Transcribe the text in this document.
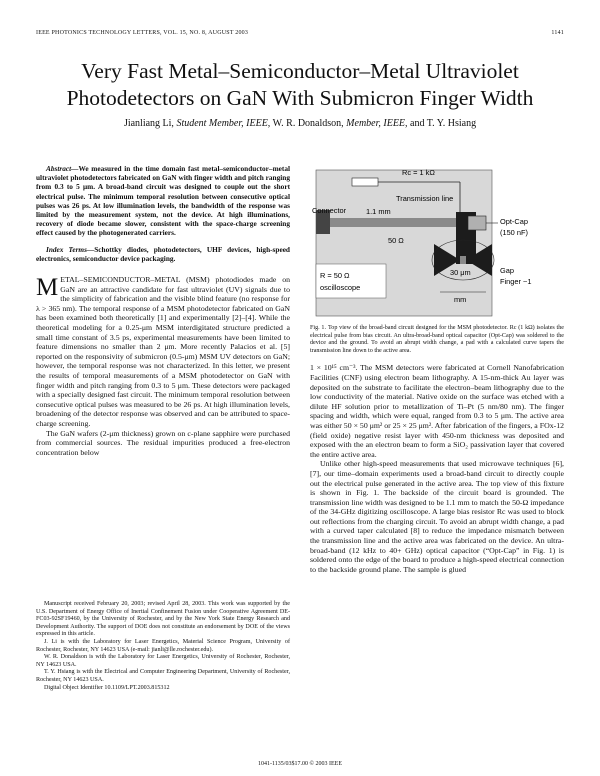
IEEE PHOTONICS TECHNOLOGY LETTERS, VOL. 15, NO. 8, AUGUST 2003	1141
Very Fast Metal–Semiconductor–Metal Ultraviolet
Photodetectors on GaN With Submicron Finger Width
Jianliang Li, Student Member, IEEE, W. R. Donaldson, Member, IEEE, and T. Y. Hsiang

Abstract—We measured in the time domain fast metal–semiconductor–metal ultraviolet photodetectors fabricated on GaN with finger width and pitch ranging from 0.3 to 5 μm. A broad-band circuit was designed to couple out the short electrical pulse. The minimum temporal resolution between consecutive optical pulses was 26 ps. At low illumination levels, the bandwidth of the response was limited by the measurement system, not the device. At high illuminations, recovery of diode became slower, consistent with the space-charge screening effect caused by the photogenerated carriers.

Index Terms—Schottky diodes, photodetectors, UHF devices, high-speed electronics, semiconductor device packaging.

METAL–SEMICONDUCTOR–METAL (MSM) photodiodes made on GaN are an attractive candidate for fast ultraviolet (UV) signals due to the simplicity of fabrication and the visible blind feature (no response for λ > 365 nm). The temporal response of a MSM photodetector fabricated on GaN has been examined both theoretically [1] and experimentally [2]–[4]. While the theoretical modeling for a 0.25-μm MSM interdigitated structure predicted a small time constant of 3.5 ps, experimental measurements have been limited to feature dimensions no smaller than 2 μm. More recently Palacios et al. [5] reported on the responsivity of submicron (0.5-μm) MSM UV detectors on GaN; however, the temporal response was not characterized. In this letter, we present the results of temporal measurements of a MSM photodetector on GaN with finger width and pitch ranging from 0.3 to 5 μm. These detectors were packaged with a specially designed fast circuit. The minimum temporal resolution between consecutive optical pulses was measured to be 26 ps. At high illumination levels, broadening of the detector response was observed and can be attributed to space-charge screening.

The GaN wafers (2-μm thickness) grown on c-plane sapphire were purchased from commercial sources. The residual impurities produced a free-electron concentration below

Manuscript received February 20, 2003; revised April 28, 2003. This work was supported by the U.S. Department of Energy Office of Inertial Confinement Fusion under Cooperative Agreement DE-FC03-92SF19460, by the University of Rochester, and by the New York State Energy Research and Development Authority. The support of DOE does not constitute an endorsement by DOE of the views expressed in this article.

J. Li is with the Laboratory for Laser Energetics, Material Science Program, University of Rochester, Rochester, NY 14623 USA (e-mail: jianli@lle.rochester.edu).

W. R. Donaldson is with the Laboratory for Laser Energetics, University of Rochester, Rochester, NY 14623 USA.

T. Y. Hsiang is with the Electrical and Computer Engineering Department, University of Rochester, Rochester, NY 14623 USA.

Digital Object Identifier 10.1109/LPT.2003.815312

Rc = 1 kΩ
Transmission line
Connector	1.1 mm
Opt-Cap
(150 nF)
50 Ω
R = 50 Ω
oscilloscope
Gap
Finger ~1
30 μm
mm

Fig. 1. Top view of the broad-band circuit designed for the MSM photodetector. Rc (1 kΩ) isolates the electrical pulse from bias circuit. An ultra-broad-band optical capacitor (Opt-Cap) was soldered to the device and the ground. To avoid an abrupt width change, a pad with a calculated curve tapers the transmission line down to the active area.

1 × 10¹⁵ cm⁻³. The MSM detectors were fabricated at Cornell Nanofabrication Facilities (CNF) using electron beam lithography. A 15-nm-thick Au layer was deposited on the substrate to facilitate the electron–beam lithography due to the low conductivity of the material. Native oxide on the surface was etched with a dilute HF solution prior to metallization of Ti–Pt (5 nm/80 nm). The finger spacing and width, which were equal, ranged from 0.3 to 5 μm. The active area was either 50 × 50 μm² or 25 × 25 μm². After fabrication of the fingers, a FOx-12 (field oxide) negative resist layer with 450-nm thickness was deposited and exposed with the an electron beam to form a SiO₂ passivation layer that covered the entire active area.

Unlike other high-speed measurements that used microwave techniques [6], [7], our time–domain experiments used a broad-band circuit to directly couple out the electrical pulse generated in the active area. The top view of this fixture is shown in Fig. 1. The backside of the circuit board is grounded. The transmission line width was designed to be 1.1 mm to match the 50-Ω impedance of the 34-GHz digitizing oscilloscope. A large bias resistor Rc was used to block out reflections from the charging circuit. To avoid an abrupt width change, a pad with a curved taper calculated [8] to reduce the impedance mismatch between the transmission line and the active area was fabricated on the device. An ultra-broad-band (12 kHz to 40+ GHz) optical capacitor (“Opt-Cap” in Fig. 1) is soldered onto the edge of the board to produce a high-speed electrical connection to the backside ground plane. The sample is glued

1041-1135/03$17.00 © 2003 IEEE
